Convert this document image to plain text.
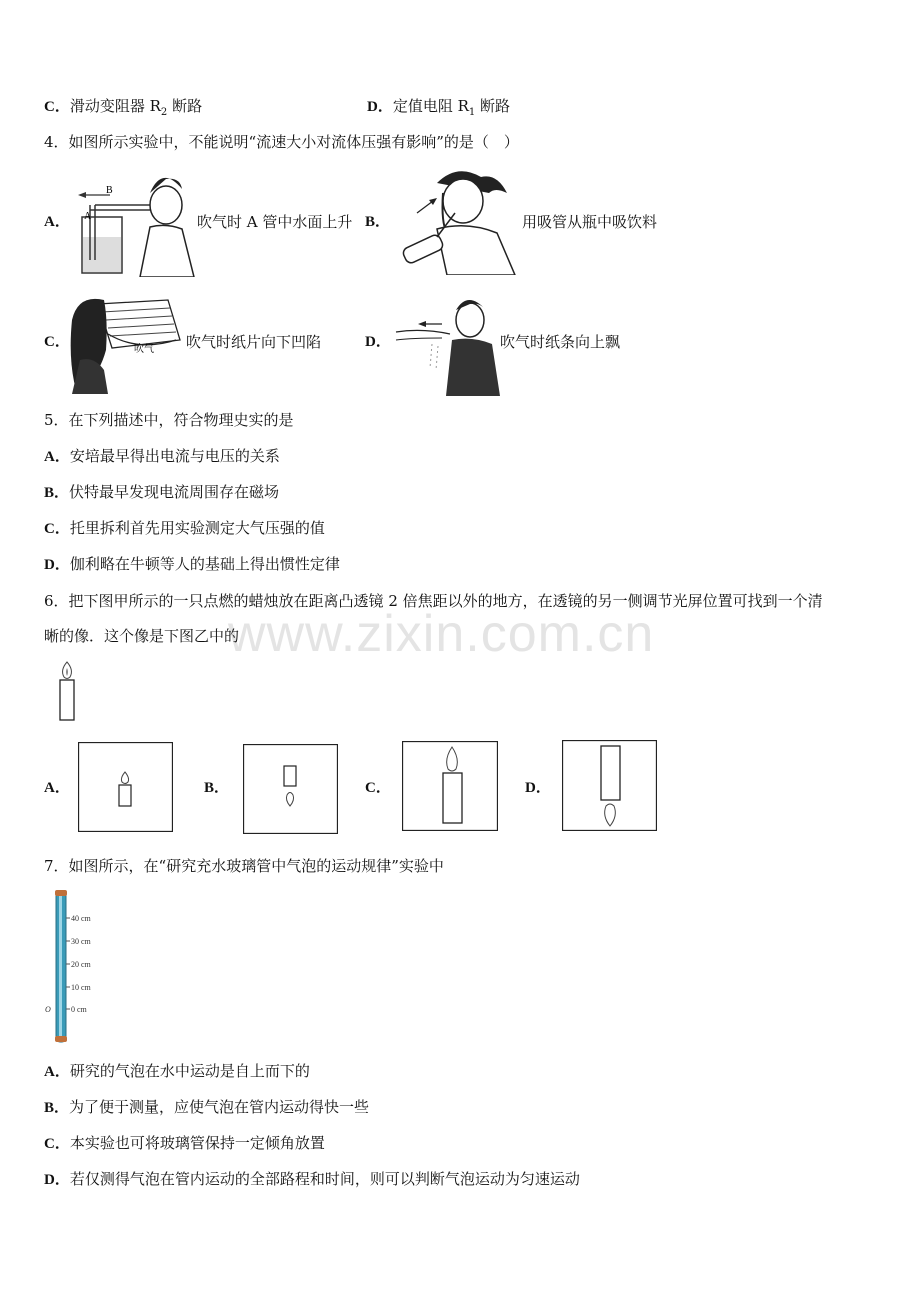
www.zixin.com.cn
C．滑动变阻器 $R_2$ 断路	D．定值电阻 $R_1$ 断路
4．如图所示实验中，不能说明“流速大小对流体压强有影响”的是（　）
A．
B
A	吹气时 A 管中水面上升 B．	用吸管从瓶中吸饮料
C．	吹气 吹气时纸片向下凹陷	D．	吹气时纸条向上飘
5．在下列描述中，符合物理史实的是
A．安培最早得出电流与电压的关系
B．伏特最早发现电流周围存在磁场
C．托里拆利首先用实验测定大气压强的值
D．伽利略在牛顿等人的基础上得出惯性定律
6．把下图甲所示的一只点燃的蜡烛放在距离凸透镜 2 倍焦距以外的地方，在透镜的另一侧调节光屏位置可找到一个清
晰的像．这个像是下图乙中的
A．	B．	C．	D．
7．如图所示，在“研究充水玻璃管中气泡的运动规律”实验中
40 cm
30 cm
20 cm
10 cm
0 cm
O
A．研究的气泡在水中运动是自上而下的
B．为了便于测量，应使气泡在管内运动得快一些
C．本实验也可将玻璃管保持一定倾角放置
D．若仅测得气泡在管内运动的全部路程和时间，则可以判断气泡运动为匀速运动
